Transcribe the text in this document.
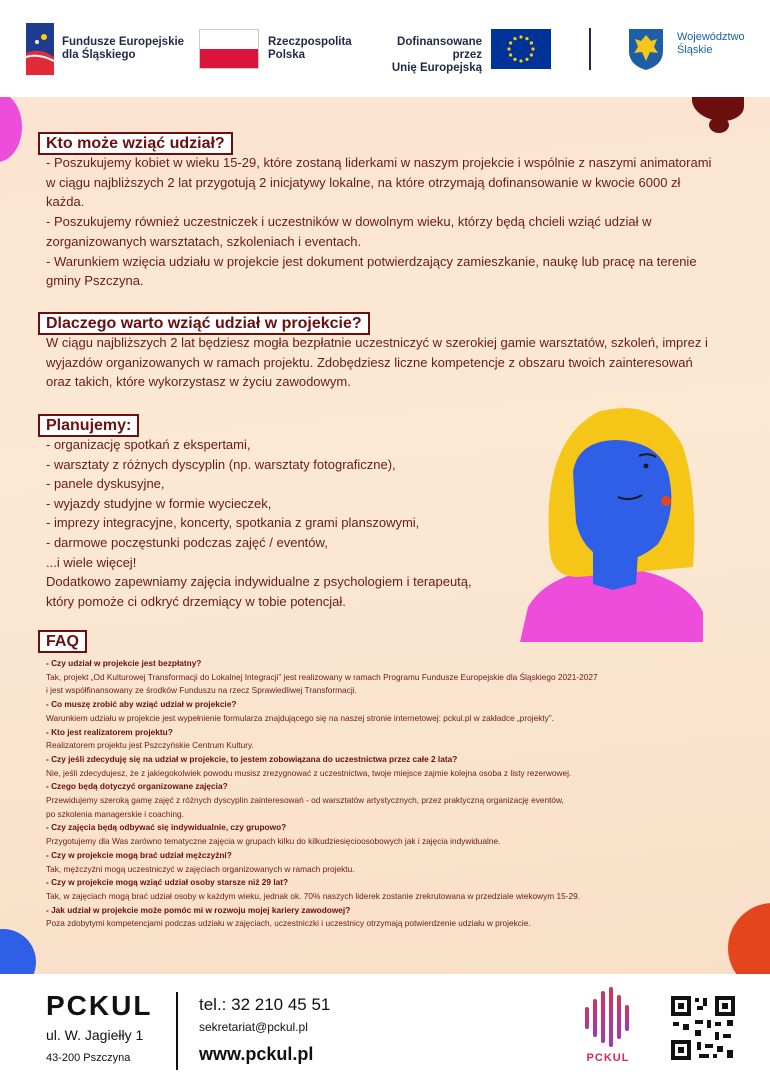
Fundusze Europejskie
dla Śląskiego
Rzeczpospolita
Polska
Dofinansowane przez
Unię Europejską
Województwo
Śląskie
Kto może wziąć udział?

- Poszukujemy kobiet w wieku 15-29, które zostaną liderkami w naszym projekcie i wspólnie z naszymi animatorami w ciągu najbliższych 2 lat przygotują 2 inicjatywy lokalne, na które otrzymają dofinansowanie w kwocie 6000 zł każda.
- Poszukujemy również uczestniczek i uczestników w dowolnym wieku, którzy będą chcieli wziąć udział w zorganizowanych warsztatach, szkoleniach i eventach.
- Warunkiem wzięcia udziału w projekcie jest dokument potwierdzający zamieszkanie, naukę lub pracę na terenie gminy Pszczyna.

Dlaczego warto wziąć udział w projekcie?

W ciągu najbliższych 2 lat będziesz mogła bezpłatnie uczestniczyć w szerokiej gamie warsztatów, szkoleń, imprez i wyjazdów organizowanych w ramach projektu. Zdobędziesz liczne kompetencje z obszaru twoich zainteresowań oraz takich, które wykorzystasz w życiu zawodowym.

Planujemy:
- organizację spotkań z ekspertami,
- warsztaty z różnych dyscyplin (np. warsztaty fotograficzne),
- panele dyskusyjne,
- wyjazdy studyjne w formie wycieczek,
- imprezy integracyjne, koncerty, spotkania z grami planszowymi,
- darmowe poczęstunki podczas zajęć / eventów,
...i wiele więcej!
Dodatkowo zapewniamy zajęcia indywidualne z psychologiem i terapeutą,
który pomoże ci odkryć drzemiący w tobie potencjał.
FAQ
- Czy udział w projekcie jest bezpłatny?
Tak, projekt „Od Kulturowej Transformacji do Lokalnej Integracji” jest realizowany w ramach Programu Fundusze Europejskie dla Śląskiego 2021-2027
i jest współfinansowany ze środków Funduszu na rzecz Sprawiedliwej Transformacji.
- Co muszę zrobić aby wziąć udział w projekcie?
Warunkiem udziału w projekcie jest wypełnienie formularza znajdującego się na naszej stronie internetowej: pckul.pl w zakładce „projekty”.
- Kto jest realizatorem projektu?
Realizatorem projektu jest Pszczyńskie Centrum Kultury.
- Czy jeśli zdecyduję się na udział w projekcie, to jestem zobowiązana do uczestnictwa przez całe 2 lata?
Nie, jeśli zdecydujesz, że z jakiegokolwiek powodu musisz zrezygnować z uczestnictwa, twoje miejsce zajmie kolejna osoba z listy rezerwowej.
- Czego będą dotyczyć organizowane zajęcia?
Przewidujemy szeroką gamę zajęć z różnych dyscyplin zainteresowań - od warsztatów artystycznych, przez praktyczną organizację eventów,
po szkolenia managerskie i coaching.
- Czy zajęcia będą odbywać się indywidualnie, czy grupowo?
Przygotujemy dla Was zarówno tematyczne zajęcia w grupach kilku do kilkudziesięcioosobowych jak i zajęcia indywidualne.
- Czy w projekcie mogą brać udział mężczyźni?
Tak, mężczyźni mogą uczestniczyć w zajęciach organizowanych w ramach projektu.
- Czy w projekcie mogą wziąć udział osoby starsze niż 29 lat?
Tak, w zajęciach mogą brać udział osoby w każdym wieku, jednak ok. 70% naszych liderek zostanie zrekrutowana w przedziale wiekowym 15-29.
- Jak udział w projekcie może pomóc mi w rozwoju mojej kariery zawodowej?
Poza zdobytymi kompetencjami podczas udziału w zajęciach, uczestniczki i uczestnicy otrzymają potwierdzenie udziału w projekcie.
PCKUL
ul. W. Jagiełły 1
43-200 Pszczyna
tel.: 32 210 45 51
sekretariat@pckul.pl
www.pckul.pl	PCKUL
